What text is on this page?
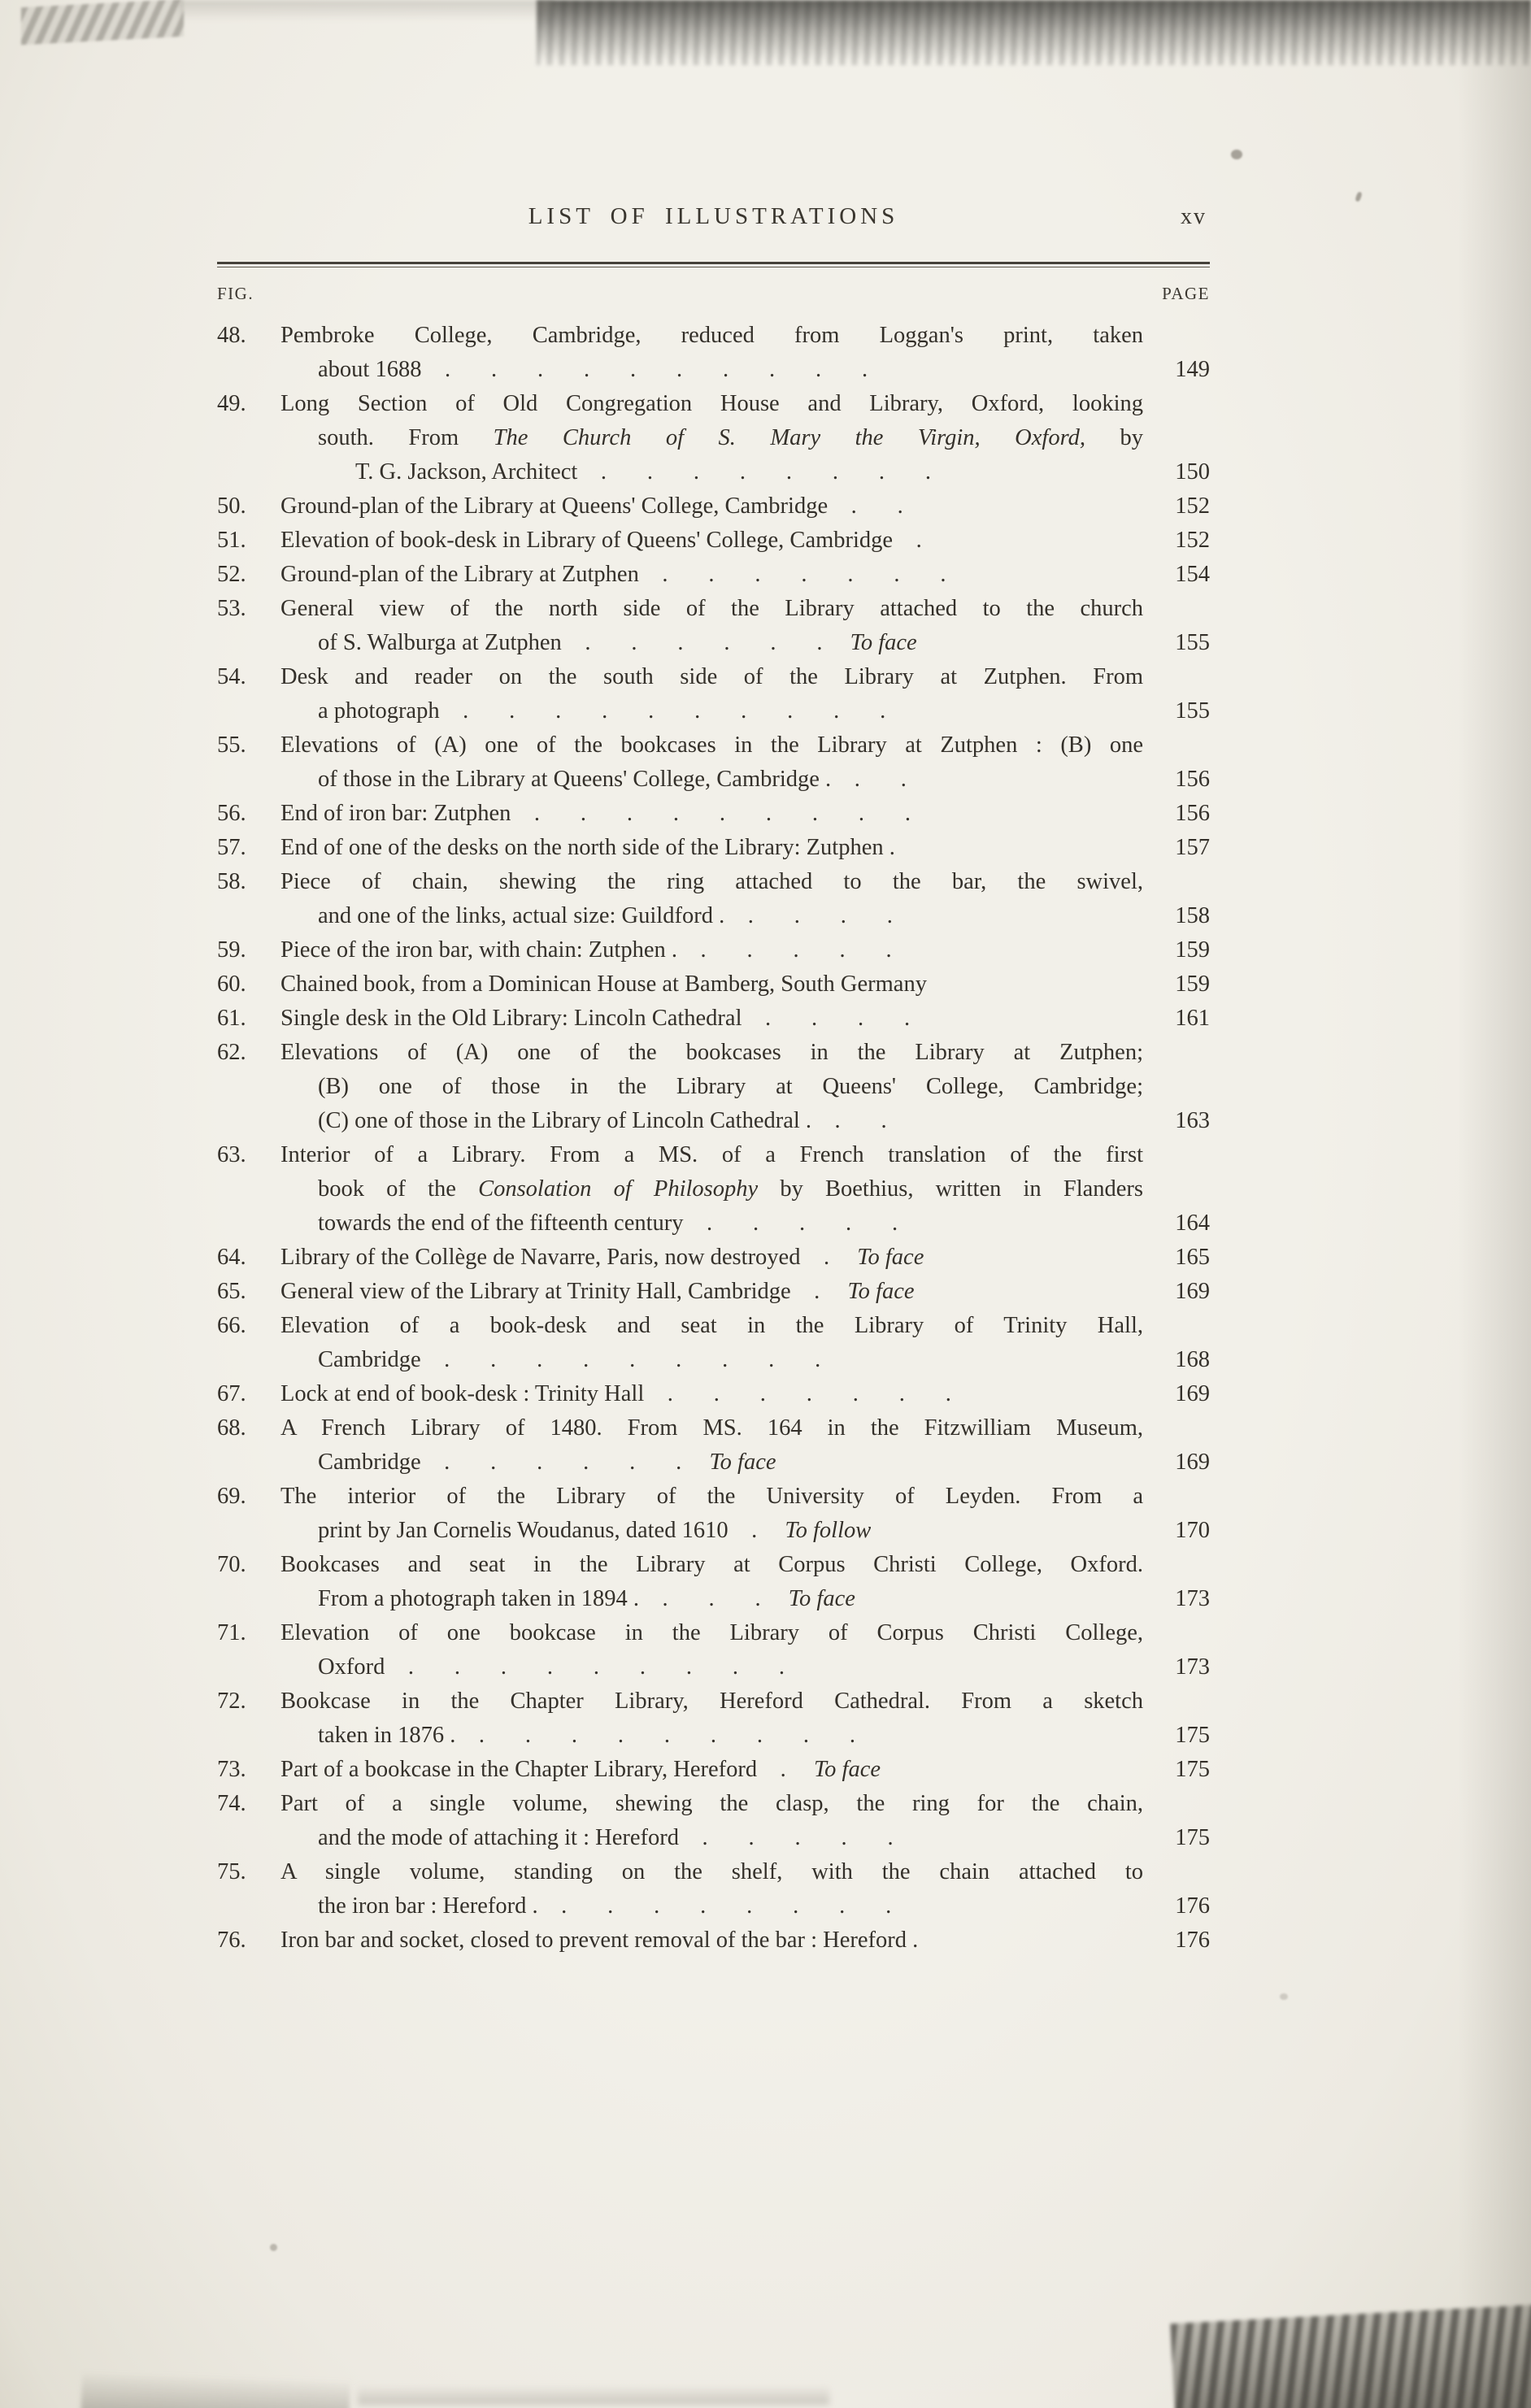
LIST OF ILLUSTRATIONS	xv
FIG.	PAGE
48.	Pembroke College, Cambridge, reduced from Loggan's print, taken
about 1688 . . . . . . . . . .	149
49.	Long Section of Old Congregation House and Library, Oxford, looking
south. From The Church of S. Mary the Virgin, Oxford, by
T. G. Jackson, Architect . . . . . . . .	150
50.	Ground-plan of the Library at Queens' College, Cambridge . .	152
51.	Elevation of book-desk in Library of Queens' College, Cambridge .	152
52.	Ground-plan of the Library at Zutphen . . . . . . .	154
53.	General view of the north side of the Library attached to the church
of S. Walburga at Zutphen . . . . . . To face	155
54.	Desk and reader on the south side of the Library at Zutphen. From
a photograph . . . . . . . . . .	155
55.	Elevations of (A) one of the bookcases in the Library at Zutphen : (B) one
of those in the Library at Queens' College, Cambridge . . .	156
56.	End of iron bar: Zutphen . . . . . . . . .	156
57.	End of one of the desks on the north side of the Library: Zutphen .	157
58.	Piece of chain, shewing the ring attached to the bar, the swivel,
and one of the links, actual size: Guildford . . . . .	158
59.	Piece of the iron bar, with chain: Zutphen . . . . . .	159
60.	Chained book, from a Dominican House at Bamberg, South Germany	159
61.	Single desk in the Old Library: Lincoln Cathedral . . . .	161
62.	Elevations of (A) one of the bookcases in the Library at Zutphen;
(B) one of those in the Library at Queens' College, Cambridge;
(C) one of those in the Library of Lincoln Cathedral . . .	163
63.	Interior of a Library. From a MS. of a French translation of the first
book of the Consolation of Philosophy by Boethius, written in Flanders
towards the end of the fifteenth century . . . . .	164
64.	Library of the Collège de Navarre, Paris, now destroyed . To face	165
65.	General view of the Library at Trinity Hall, Cambridge . To face	169
66.	Elevation of a book-desk and seat in the Library of Trinity Hall,
Cambridge . . . . . . . . .	168
67.	Lock at end of book-desk : Trinity Hall . . . . . . .	169
68.	A French Library of 1480. From MS. 164 in the Fitzwilliam Museum,
Cambridge . . . . . . To face	169
69.	The interior of the Library of the University of Leyden. From a
print by Jan Cornelis Woudanus, dated 1610 . To follow	170
70.	Bookcases and seat in the Library at Corpus Christi College, Oxford.
From a photograph taken in 1894 . . . . To face	173
71.	Elevation of one bookcase in the Library of Corpus Christi College,
Oxford . . . . . . . . .	173
72.	Bookcase in the Chapter Library, Hereford Cathedral. From a sketch
taken in 1876 . . . . . . . . . .	175
73.	Part of a bookcase in the Chapter Library, Hereford . To face	175
74.	Part of a single volume, shewing the clasp, the ring for the chain,
and the mode of attaching it : Hereford . . . . .	175
75.	A single volume, standing on the shelf, with the chain attached to
the iron bar : Hereford . . . . . . . . .	176
76.	Iron bar and socket, closed to prevent removal of the bar : Hereford .	176
